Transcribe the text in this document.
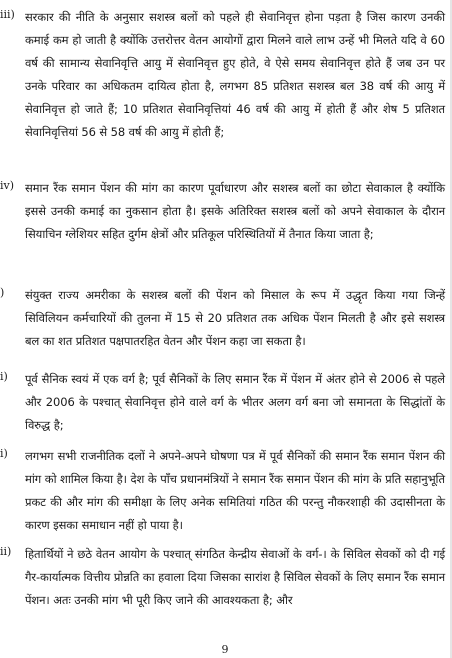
iii) सरकार की नीति के अनुसार सशस्त्र बलों को पहले ही सेवानिवृत्त होना पड़ता है जिस कारण उनकी कमाई कम हो जाती है क्योंकि उत्तरोत्तर वेतन आयोगों द्वारा मिलने वाले लाभ उन्हें भी मिलते यदि वे 60 वर्ष की सामान्य सेवानिवृत्ति आयु में सेवानिवृत्त हुए होते, वे ऐसे समय सेवानिवृत्त होते हैं जब उन पर उनके परिवार का अधिकतम दायित्व होता है, लगभग 85 प्रतिशत सशस्त्र बल 38 वर्ष की आयु में सेवानिवृत्त हो जाते हैं; 10 प्रतिशत सेवानिवृत्तियां 46 वर्ष की आयु में होती हैं और शेष 5 प्रतिशत सेवानिवृत्तियां 56 से 58 वर्ष की आयु में होती हैं;

iv) समान रैंक समान पेंशन की मांग का कारण पूर्वाधारण और सशस्त्र बलों का छोटा सेवाकाल है क्योंकि इससे उनकी कमाई का नुकसान होता है। इसके अतिरिक्त सशस्त्र बलों को अपने सेवाकाल के दौरान सियाचिन ग्लेशियर सहित दुर्गम क्षेत्रों और प्रतिकूल परिस्थितियों में तैनात किया जाता है;

)	संयुक्त राज्य अमरीका के सशस्त्र बलों की पेंशन को मिसाल के रूप में उद्धृत किया गया जिन्हें सिविलियन कर्मचारियों की तुलना में 15 से 20 प्रतिशत तक अधिक पेंशन मिलती है और इसे सशस्त्र बल का शत प्रतिशत पक्षपातरहित वेतन और पेंशन कहा जा सकता है।

i)	पूर्व सैनिक स्वयं में एक वर्ग है; पूर्व सैनिकों के लिए समान रैंक में पेंशन में अंतर होने से 2006 से पहले और 2006 के पश्चात् सेवानिवृत्त होने वाले वर्ग के भीतर अलग वर्ग बना जो समानता के सिद्धांतों के विरुद्ध है;

i)	लगभग सभी राजनीतिक दलों ने अपने-अपने घोषणा पत्र में पूर्व सैनिकों की समान रैंक समान पेंशन की मांग को शामिल किया है। देश के पाँच प्रधानमंत्रियों ने समान रैंक समान पेंशन की मांग के प्रति सहानुभूति प्रकट की और मांग की समीक्षा के लिए अनेक समितियां गठित की परन्तु नौकरशाही की उदासीनता के कारण इसका समाधान नहीं हो पाया है।

ii)	हितार्थियों ने छठे वेतन आयोग के पश्चात् संगठित केन्द्रीय सेवाओं के वर्ग-। के सिविल सेवकों को दी गई गैर-कार्यात्मक वित्तीय प्रोन्नति का हवाला दिया जिसका सारांश है सिविल सेवकों के लिए समान रैंक समान पेंशन। अतः उनकी मांग भी पूरी किए जाने की आवश्यकता है; और

9
